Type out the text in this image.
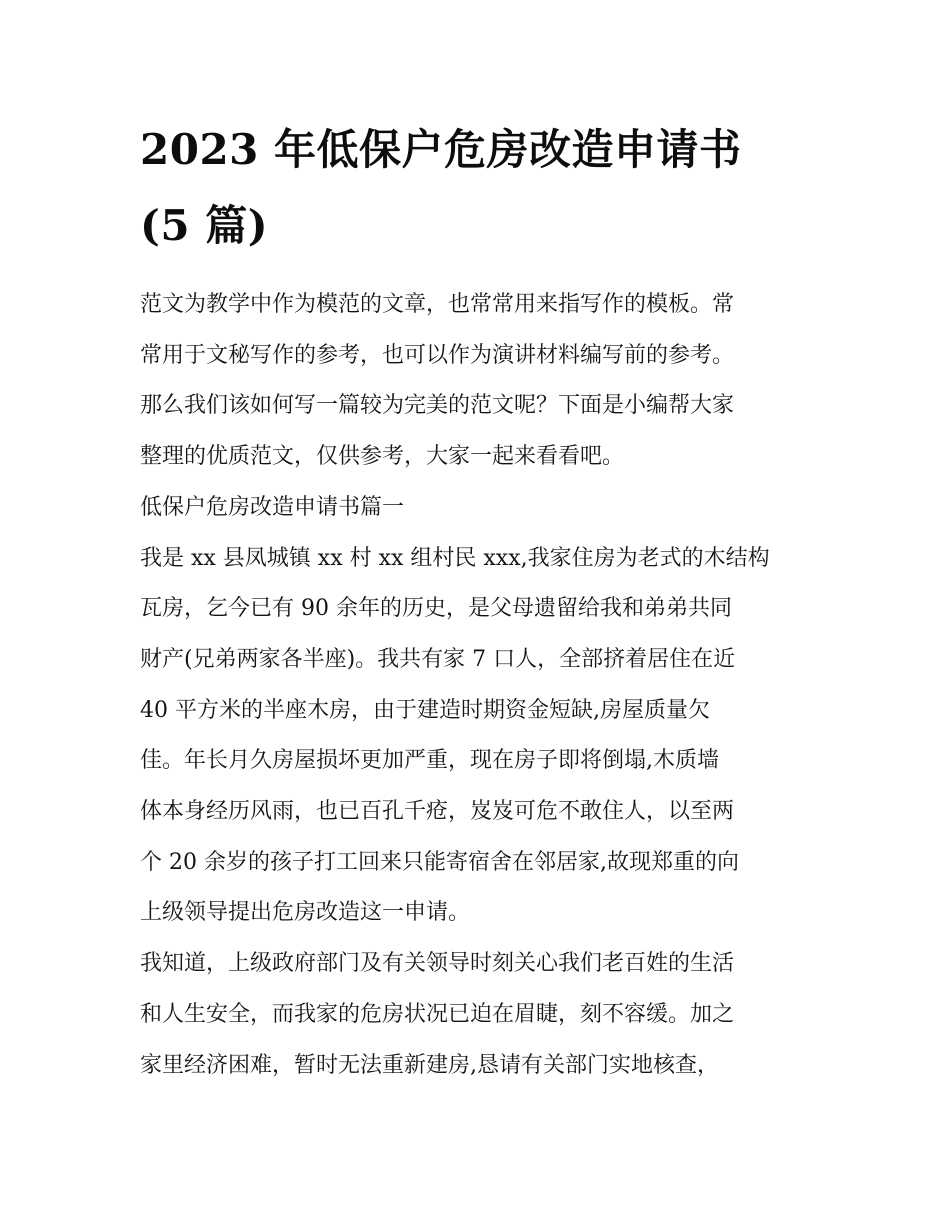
2023 年低保户危房改造申请书
(5 篇)

范文为教学中作为模范的文章，也常常用来指写作的模板。常
常用于文秘写作的参考，也可以作为演讲材料编写前的参考。
那么我们该如何写一篇较为完美的范文呢？下面是小编帮大家
整理的优质范文，仅供参考，大家一起来看看吧。

低保户危房改造申请书篇一

我是 xx 县凤城镇 xx 村 xx 组村民 xxx,我家住房为老式的木结构
瓦房，乞今已有 90 余年的历史，是父母遗留给我和弟弟共同
财产(兄弟两家各半座)。我共有家 7 口人，全部挤着居住在近
40 平方米的半座木房，由于建造时期资金短缺,房屋质量欠
佳。年长月久房屋损坏更加严重，现在房子即将倒塌,木质墙
体本身经历风雨，也已百孔千疮，岌岌可危不敢住人，以至两
个 20 余岁的孩子打工回来只能寄宿舍在邻居家,故现郑重的向
上级领导提出危房改造这一申请。

我知道，上级政府部门及有关领导时刻关心我们老百姓的生活
和人生安全，而我家的危房状况已迫在眉睫，刻不容缓。加之
家里经济困难，暂时无法重新建房,恳请有关部门实地核查，
